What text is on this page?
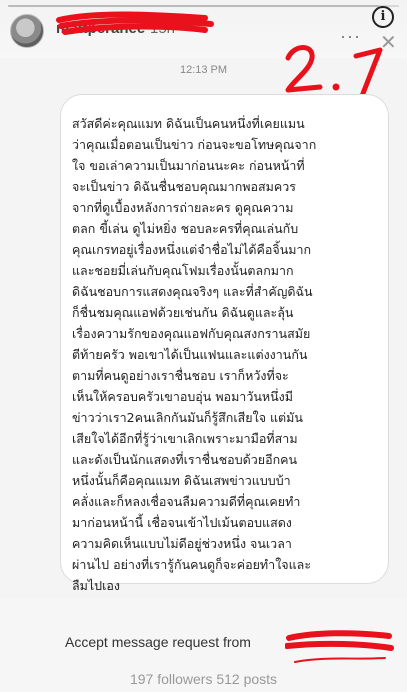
mattperanee 15h
i
··· ✕
12:13 PM
สวัสดีค่ะคุณแมท ดิฉันเป็นคนหนึ่งที่เคยแมน
ว่าคุณเมื่อตอนเป็นข่าว ก่อนจะขอโทษคุณจาก
ใจ ขอเล่าความเป็นมาก่อนนะคะ ก่อนหน้าที่
จะเป็นข่าว ดิฉันชื่นชอบคุณมากพอสมควร
จากที่ดูเบื้องหลังการถ่ายละคร ดูคุณความ
ตลก ขี้เล่น ดูไม่หยิ่ง ชอบละครที่คุณเล่นกับ
คุณเกรทอยู่เรื่องหนึ่งแต่จำชื่อไม่ได้คือจิ้นมาก
และชอยมี่เล่นกับคุณโฟมเรื่องนั้นตลกมาก
ดิฉันชอบการแสดงคุณจริงๆ และที่สำคัญดิฉัน
ก็ชื่นชมคุณแอฟด้วยเช่นกัน ดิฉันดูและลุ้น
เรื่องความรักของคุณแอฟกับคุณสงกรานสมัย
ตีท้ายครัว พอเขาได้เป็นแฟนและแต่งงานกัน
ตามที่คนดูอย่างเราชื่นชอบ เราก็หวังที่จะ
เห็นให้ครอบครัวเขาอบอุ่น พอมาวันหนึ่งมี
ข่าวว่าเรา2คนเลิกกันมันก็รู้สึกเสียใจ แต่มัน
เสียใจได้อีกที่รู้ว่าเขาเลิกเพราะมามือที่สาม
และดังเป็นนักแสดงที่เราชื่นชอบด้วยอีกคน
หนึ่งนั้นก็คือคุณแมท ดิฉันเสพข่าวแบบบ้า
คลั่งและก็หลงเชื่อจนลืมความดีที่คุณเคยทำ
มาก่อนหน้านี้ เชื่อจนเข้าไปเม้นตอบแสดง
ความคิดเห็นแบบไม่ดีอยู่ช่วงหนึ่ง จนเวลา
ผ่านไป อย่างที่เรารู้กันคนดูก็จะค่อยทำใจและ
ลืมไปเอง
Accept message request from
197 followers 512 posts
